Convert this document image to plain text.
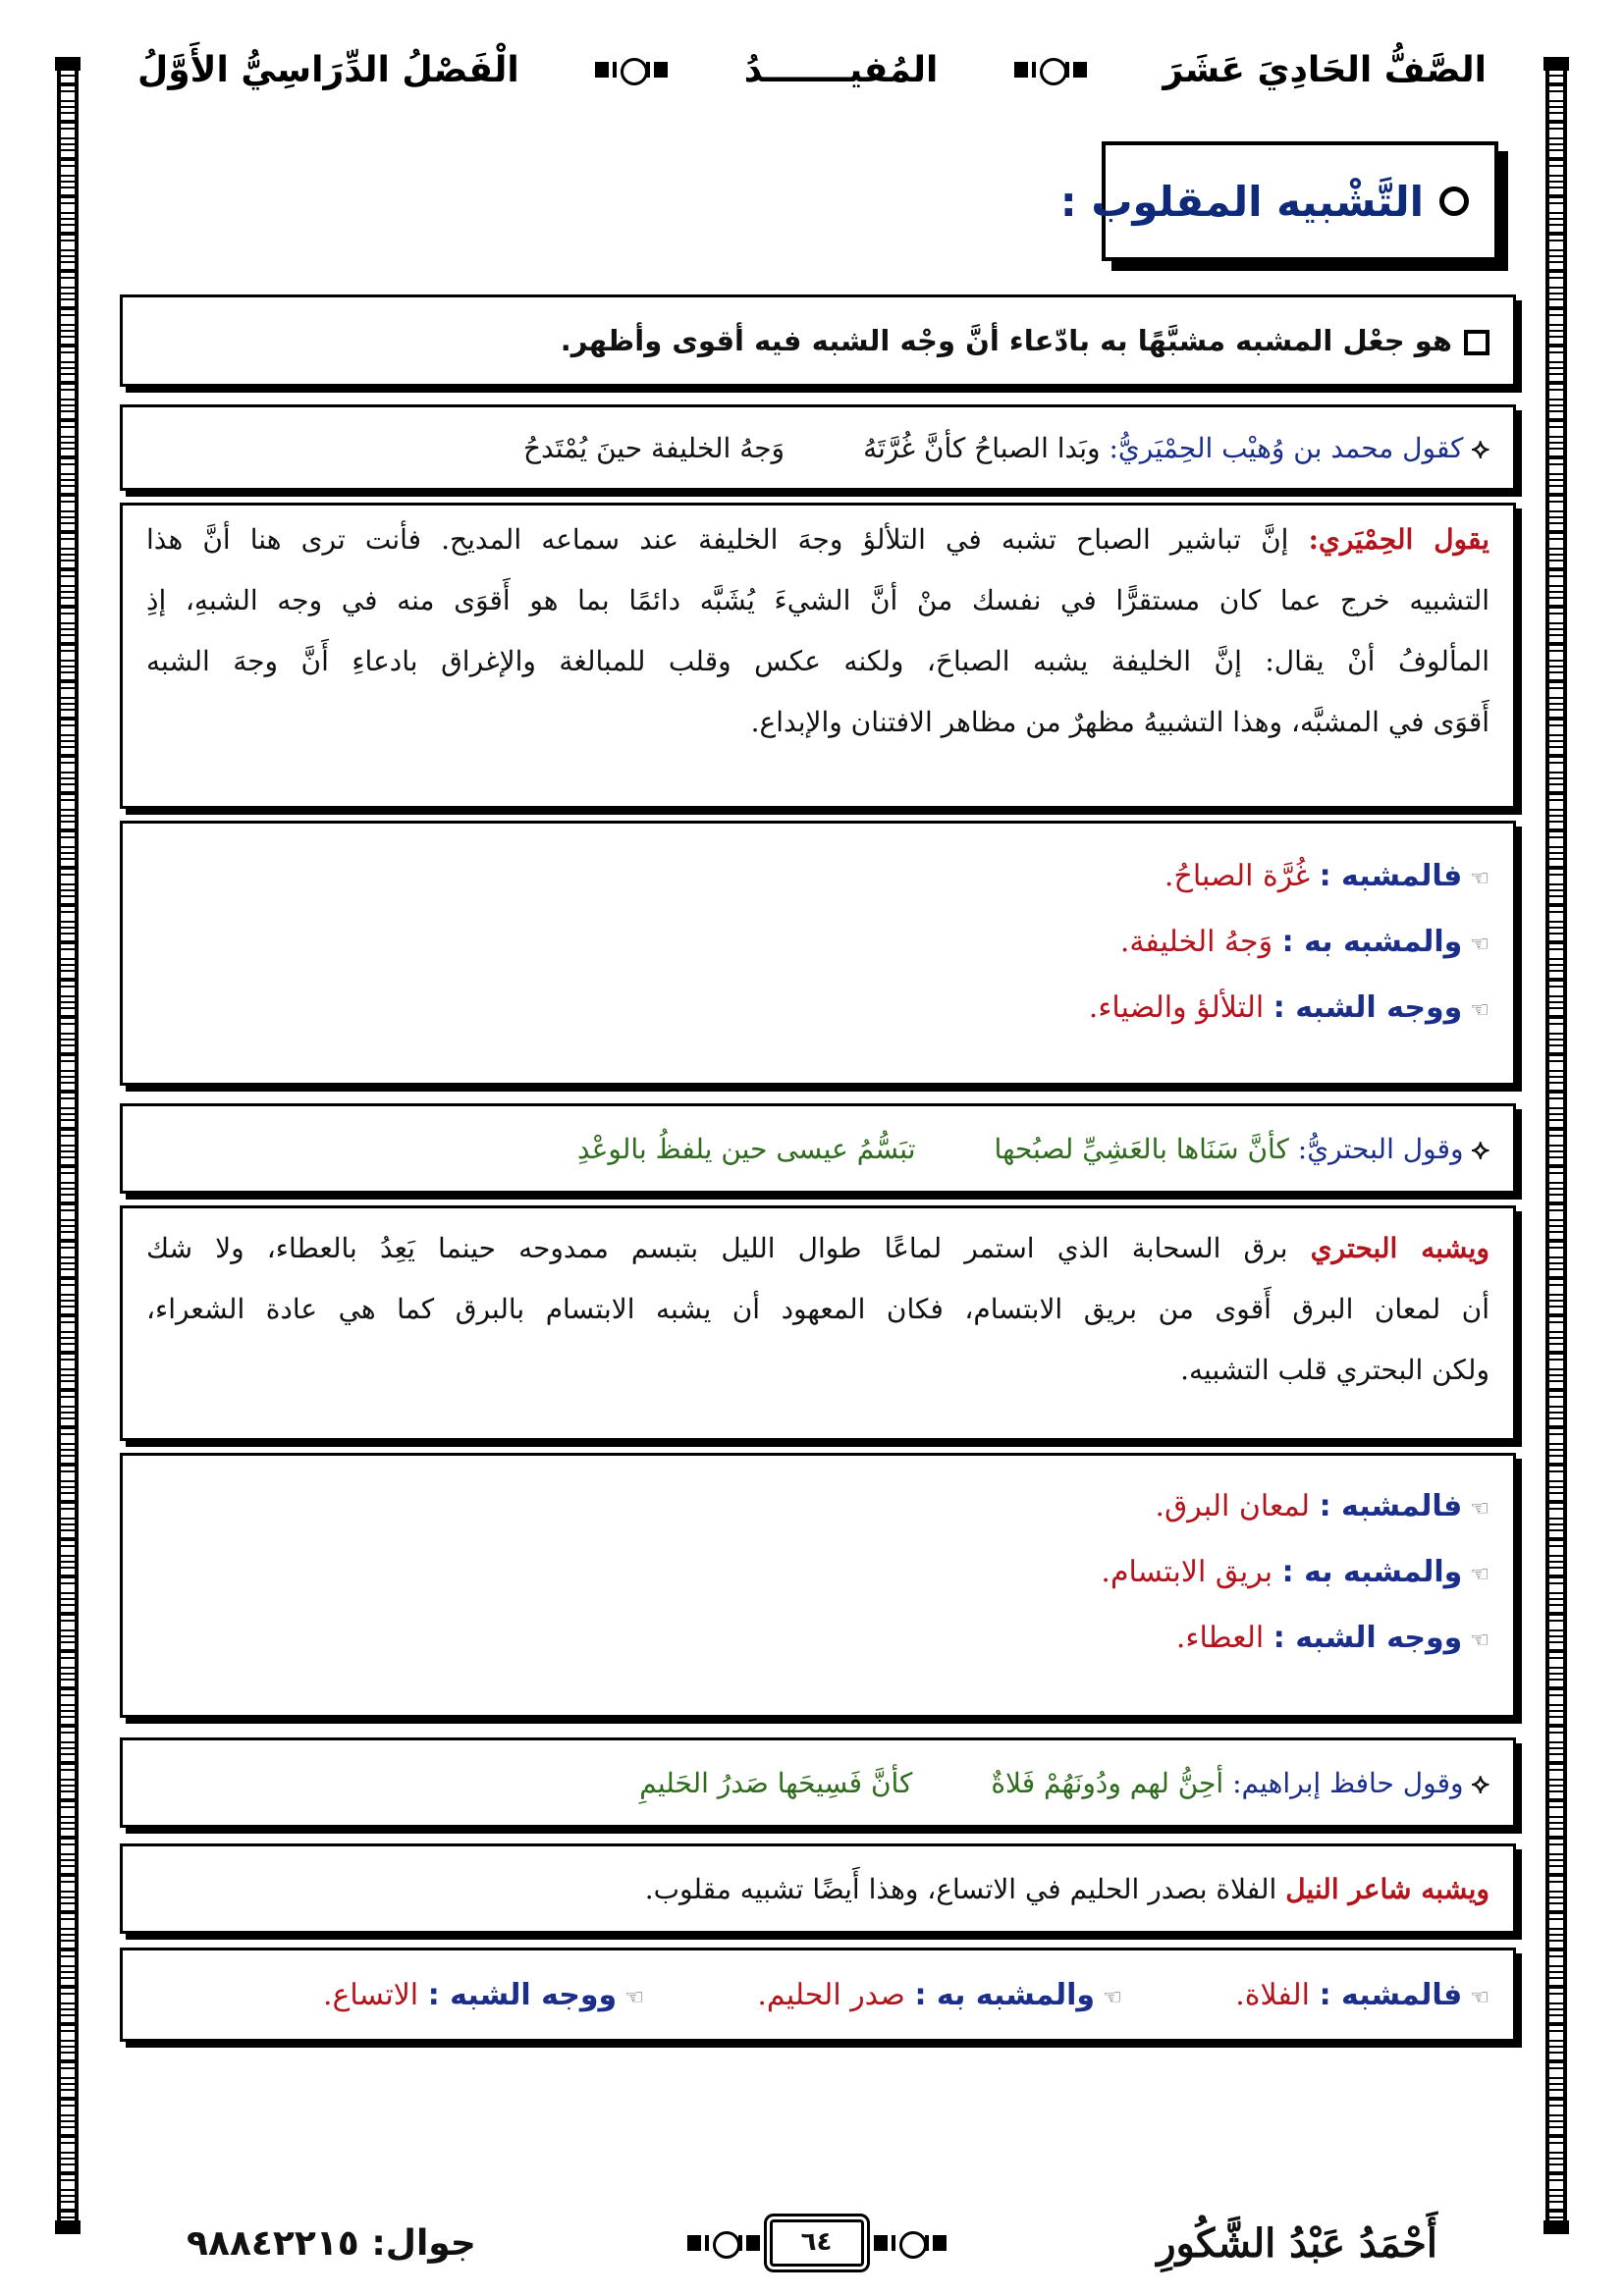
الصَّفُّ الحَادِيَ عَشَرَ
المُفيـــــــدُ
الْفَصْلُ الدِّرَاسِيُّ الأَوَّلُ
التَّشْبيه المقلوب :
هو جعْل المشبه مشبَّهًا به بادّعاء أنَّ وجْه الشبه فيه أقوى وأظهر.
⟡كقول محمد بن وُهيْب الحِمْيَريُّ: وبَدا الصباحُ كأنَّ غُرَّتَهُوَجهُ الخليفة حينَ يُمْتَدحُ
يقول الحِمْيَري: إنَّ تباشير الصباح تشبه في التلألؤ وجهَ الخليفة عند سماعه المديح. فأنت ترى هنا أنَّ هذا
التشبيه خرج عما كان مستقرًّا في نفسك منْ أنَّ الشيءَ يُشَبَّه دائمًا بما هو أَقوَى منه في وجه الشبهِ، إذِ
المألوفُ أنْ يقال: إنَّ الخليفة يشبه الصباحَ، ولكنه عكس وقلب للمبالغة والإغراق بادعاءِ أَنَّ وجهَ الشبه
أَقوَى في المشبَّه، وهذا التشبيهُ مظهرٌ من مظاهر الافتنان والإبداع.
☜فالمشبه : غُرَّة الصباحُ.
☜والمشبه به : وَجهُ الخليفة.
☜ووجه الشبه : التلألؤ والضياء.
⟡وقول البحتريُّ: كأنَّ سَنَاها بالعَشِيِّ لصبُحهاتبَسُّمُ عيسى حين يلفظُ بالوعْدِ
ويشبه البحتري برق السحابة الذي استمر لماعًا طوال الليل بتبسم ممدوحه حينما يَعِدُ بالعطاء، ولا شك
أن لمعان البرق أَقوى من بريق الابتسام، فكان المعهود أن يشبه الابتسام بالبرق كما هي عادة الشعراء،
ولكن البحتري قلب التشبيه.
☜فالمشبه : لمعان البرق.
☜والمشبه به : بريق الابتسام.
☜ووجه الشبه : العطاء.
⟡وقول حافظ إبراهيم: أحِنُّ لهم ودُونَهُمْ فَلاةٌكأنَّ فَسِيحَها صَدرُ الحَليمِ
ويشبه شاعر النيل الفلاة بصدر الحليم في الاتساع، وهذا أَيضًا تشبيه مقلوب.
☜فالمشبه : الفلاة.
☜والمشبه به : صدر الحليم.
☜ووجه الشبه : الاتساع.
أَحْمَدُ عَبْدُ الشَّكُورِ
٦٤
جوال: ٩٨٨٤٢٢١٥
